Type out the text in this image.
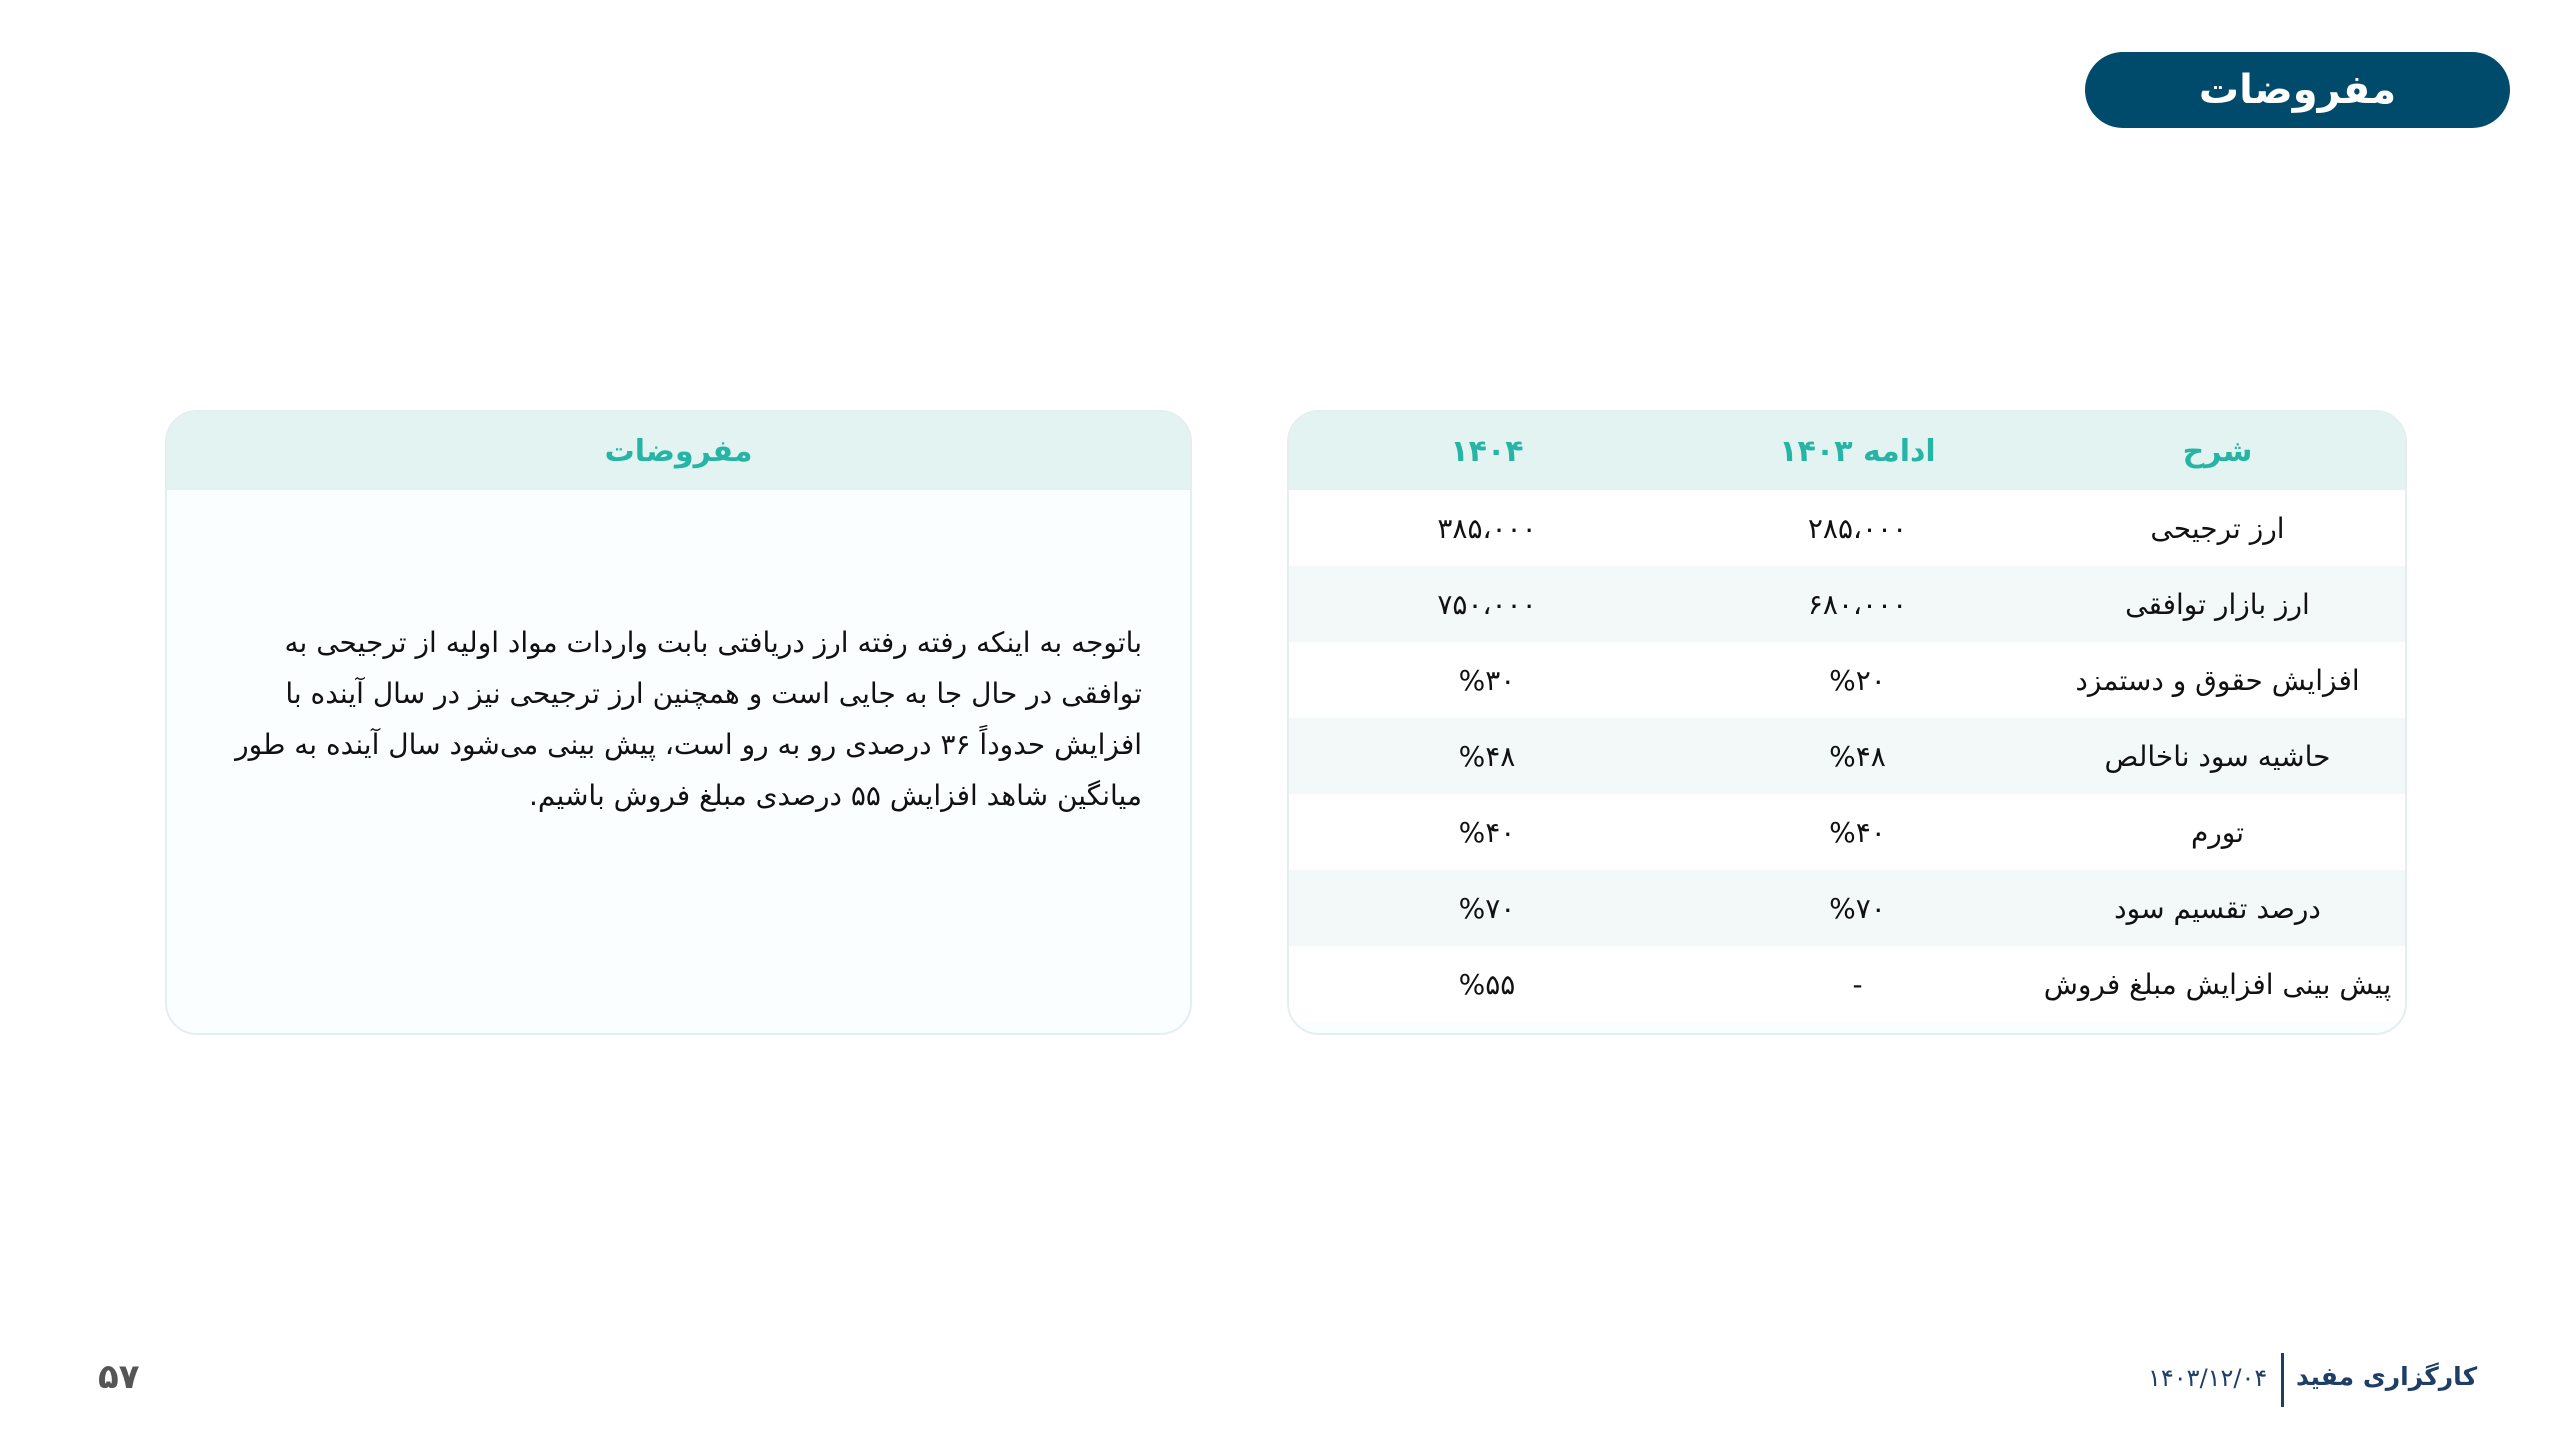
مفروضات
مفروضات
باتوجه به اینکه رفته رفته ارز دریافتی بابت واردات مواد اولیه از ترجیحی به توافقی در حال جا به جایی است و همچنین ارز ترجیحی نیز در سال آینده با افزایش حدوداً ۳۶ درصدی رو به رو است، پیش بینی می‌شود سال آینده به طور میانگین شاهد افزایش ۵۵ درصدی مبلغ فروش باشیم.
شرح	ادامه ۱۴۰۳	۱۴۰۴
ارز ترجیحی	۲۸۵،۰۰۰	۳۸۵،۰۰۰
ارز بازار توافقی	۶۸۰،۰۰۰	۷۵۰،۰۰۰
افزایش حقوق و دستمزد	%۲۰	%۳۰
حاشیه سود ناخالص	%۴۸	%۴۸
تورم	%۴۰	%۴۰
درصد تقسیم سود	%۷۰	%۷۰
پیش بینی افزایش مبلغ فروش	-	%۵۵
۵۷	کارگزاری مفید
۱۴۰۳/۱۲/۰۴
